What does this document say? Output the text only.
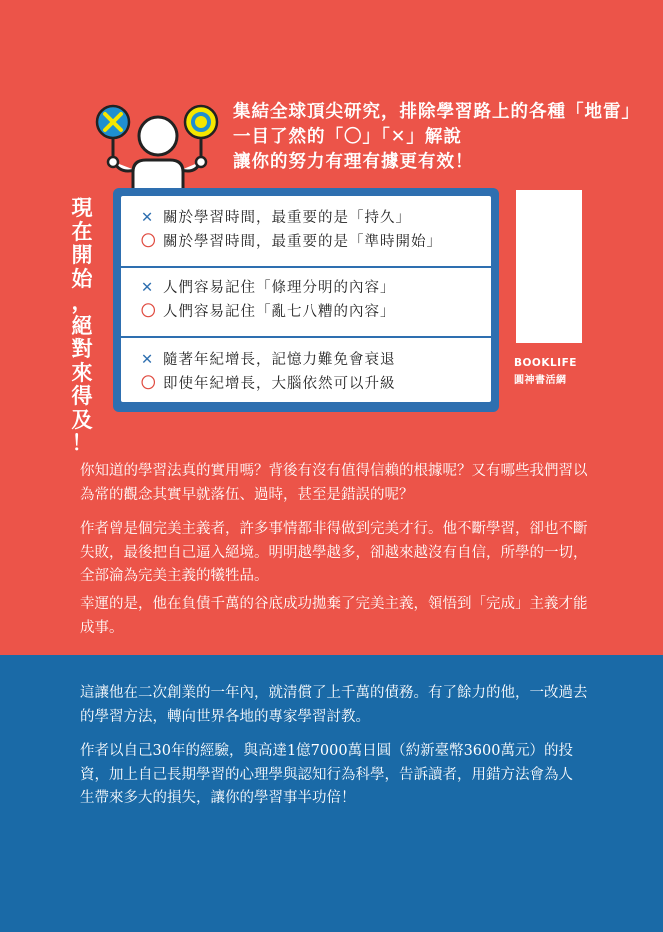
集結全球頂尖研究，排除學習路上的各種「地雷」
一目了然的「〇」「✕」解說
讓你的努力有理有據更有效！
現
在
開
始
，
絕
對
來
得
及
！
✕ 關於學習時間，最重要的是「持久」
〇 關於學習時間，最重要的是「準時開始」
✕ 人們容易記住「條理分明的內容」
〇 人們容易記住「亂七八糟的內容」
✕ 隨著年紀增長，記憶力難免會衰退
〇 即使年紀增長，大腦依然可以升級
BOOKLIFE
圓神書活網
你知道的學習法真的實用嗎？背後有沒有值得信賴的根據呢？又有哪些我們習以
為常的觀念其實早就落伍、過時，甚至是錯誤的呢？
作者曾是個完美主義者，許多事情都非得做到完美才行。他不斷學習，卻也不斷
失敗，最後把自己逼入絕境。明明越學越多，卻越來越沒有自信，所學的一切，
全部淪為完美主義的犧牲品。
幸運的是，他在負債千萬的谷底成功拋棄了完美主義，領悟到「完成」主義才能
成事。
這讓他在二次創業的一年內，就清償了上千萬的債務。有了餘力的他，一改過去
的學習方法，轉向世界各地的專家學習討教。
作者以自己30年的經驗，與高達1億7000萬日圓（約新臺幣3600萬元）的投
資，加上自己長期學習的心理學與認知行為科學，告訴讀者，用錯方法會為人
生帶來多大的損失，讓你的學習事半功倍！
